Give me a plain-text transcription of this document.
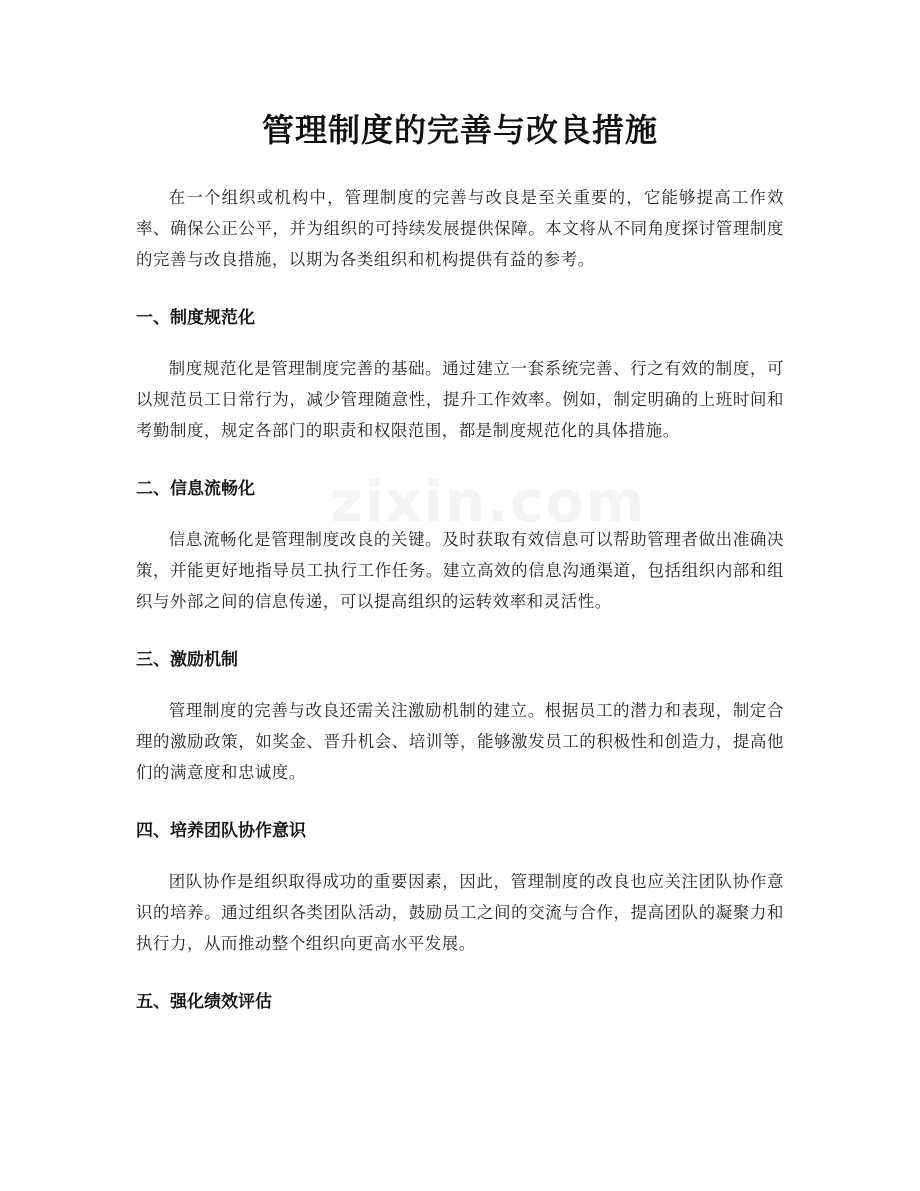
管理制度的完善与改良措施

在一个组织或机构中，管理制度的完善与改良是至关重要的，它能够提高工作效率、确保公正公平，并为组织的可持续发展提供保障。本文将从不同角度探讨管理制度的完善与改良措施，以期为各类组织和机构提供有益的参考。

一、制度规范化

制度规范化是管理制度完善的基础。通过建立一套系统完善、行之有效的制度，可以规范员工日常行为，减少管理随意性，提升工作效率。例如，制定明确的上班时间和考勤制度，规定各部门的职责和权限范围，都是制度规范化的具体措施。

二、信息流畅化

信息流畅化是管理制度改良的关键。及时获取有效信息可以帮助管理者做出准确决策，并能更好地指导员工执行工作任务。建立高效的信息沟通渠道，包括组织内部和组织与外部之间的信息传递，可以提高组织的运转效率和灵活性。

三、激励机制

管理制度的完善与改良还需关注激励机制的建立。根据员工的潜力和表现，制定合理的激励政策，如奖金、晋升机会、培训等，能够激发员工的积极性和创造力，提高他们的满意度和忠诚度。

四、培养团队协作意识

团队协作是组织取得成功的重要因素，因此，管理制度的改良也应关注团队协作意识的培养。通过组织各类团队活动，鼓励员工之间的交流与合作，提高团队的凝聚力和执行力，从而推动整个组织向更高水平发展。

五、强化绩效评估
zixin.com
